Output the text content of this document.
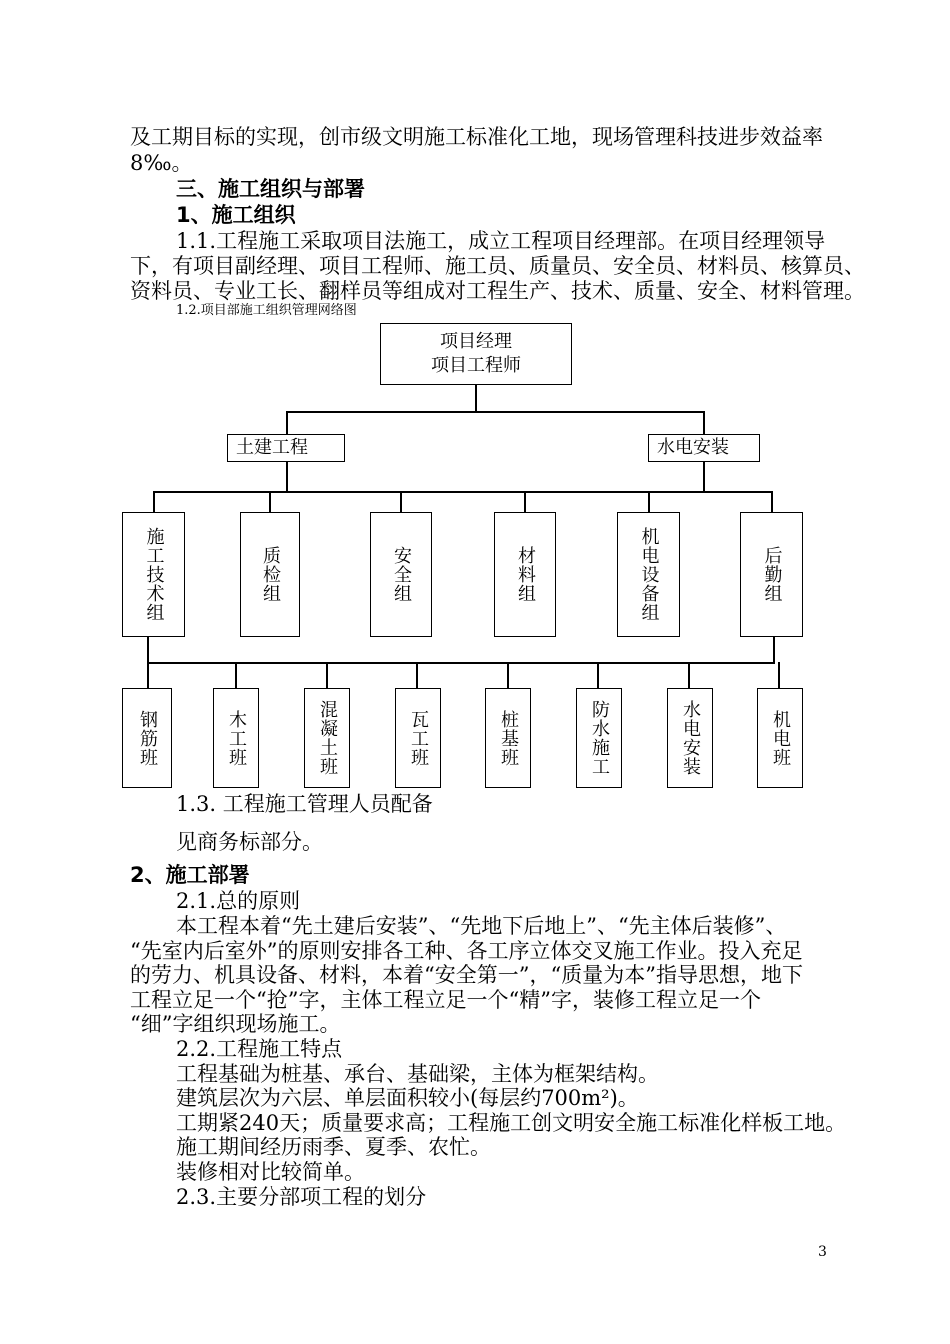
及工期目标的实现，创市级文明施工标准化工地，现场管理科技进步效益率
8‰。
三、施工组织与部署
1、施工组织
1.1.工程施工采取项目法施工，成立工程项目经理部。在项目经理领导
下，有项目副经理、项目工程师、施工员、质量员、安全员、材料员、核算员、
资料员、专业工长、翻样员等组成对工程生产、技术、质量、安全、材料管理。
1.2.项目部施工组织管理网络图
项目经理
项目工程师
土建工程	水电安装
施工技术组	质检组	安全组	材料组	机电设备组	后勤组
钢筋班	木工班	混凝土班	瓦工班	桩基班	防水施工	水电安装	机电班
1.3. 工程施工管理人员配备
见商务标部分。
2、施工部署
2.1.总的原则
本工程本着“先土建后安装”、“先地下后地上”、“先主体后装修”、
“先室内后室外”的原则安排各工种、各工序立体交叉施工作业。投入充足
的劳力、机具设备、材料，本着“安全第一”，“质量为本”指导思想，地下
工程立足一个“抢”字，主体工程立足一个“精”字，装修工程立足一个
“细”字组织现场施工。
2.2.工程施工特点
工程基础为桩基、承台、基础梁，主体为框架结构。
建筑层次为六层、单层面积较小(每层约700m²)。
工期紧240天；质量要求高；工程施工创文明安全施工标准化样板工地。
施工期间经历雨季、夏季、农忙。
装修相对比较简单。
2.3.主要分部项工程的划分
3
